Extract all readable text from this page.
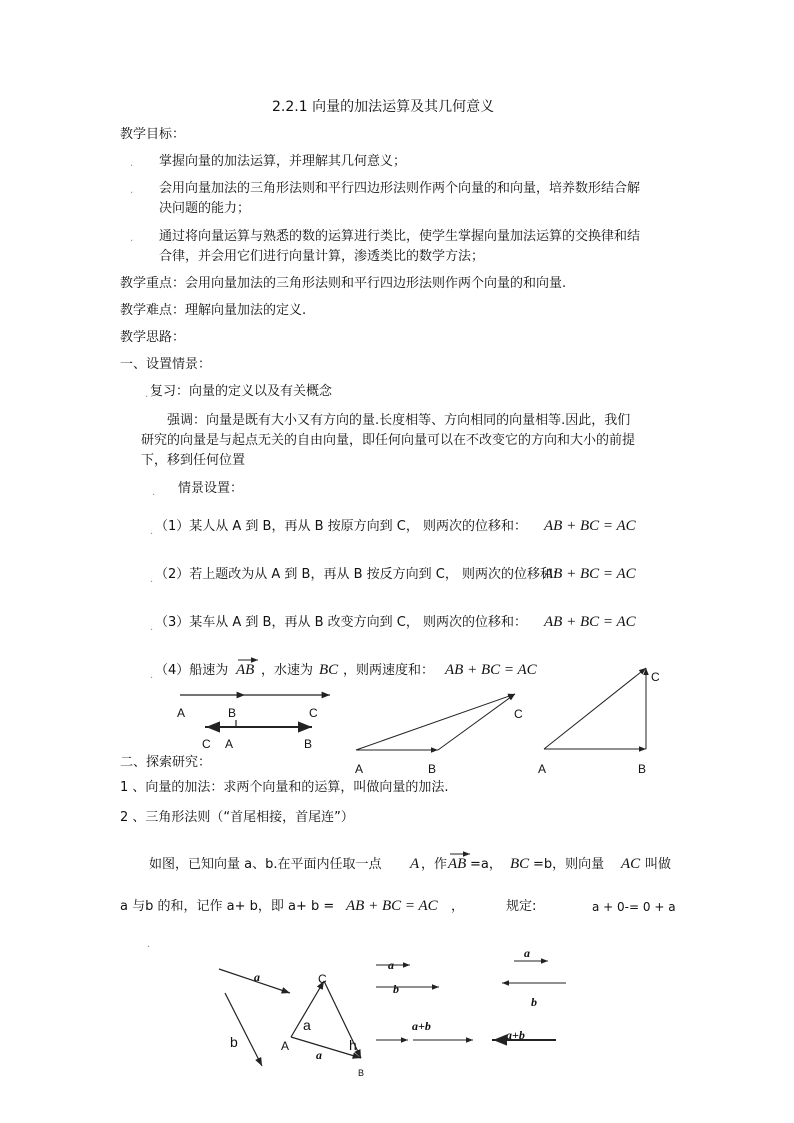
2.2.1 向量的加法运算及其几何意义
教学目标：
. 掌握向量的加法运算，并理解其几何意义；
. 会用向量加法的三角形法则和平行四边形法则作两个向量的和向量，培养数形结合解
决问题的能力；
. 通过将向量运算与熟悉的数的运算进行类比，使学生掌握向量加法运算的交换律和结
合律，并会用它们进行向量计算，渗透类比的数学方法；
教学重点：会用向量加法的三角形法则和平行四边形法则作两个向量的和向量.
教学难点：理解向量加法的定义.
教学思路：
一、设置情景：
. 复习：向量的定义以及有关概念
强调：向量是既有大小又有方向的量.长度相等、方向相同的向量相等.因此，我们
研究的向量是与起点无关的自由向量，即任何向量可以在不改变它的方向和大小的前提
下，移到任何位置
. 情景设置：
. （1）某人从 A 到 B，再从 B 按原方向到 C， 则两次的位移和： AB + BC = AC
. （2）若上题改为从 A 到 B，再从 B 按反方向到 C， 则两次的位移和:
AB + BC = AC
. （3）某车从 A 到 B，再从 B 改变方向到 C， 则两次的位移和： AB + BC = AC
. （4）船速为 AB ，水速为 BC ，则两速度和： AB + BC = AC
A	B	C
C A	B
A	B
C
A	B
C
二、探索研究：
1 、向量的加法：求两个向量和的运算，叫做向量的加法.
2 、三角形法则（“首尾相接，首尾连”）
如图，已知向量 a、b.在平面内任取一点 A ，作 AB =a， BC =b，则向量 AC 叫做
a 与b 的和，记作 a+ b，即 a+ b = AB + BC = AC ，	规定:	a + 0-= 0 + a
.
a
b
C
a
A
a
h
B
a
b
a+b
a
b
a+b
